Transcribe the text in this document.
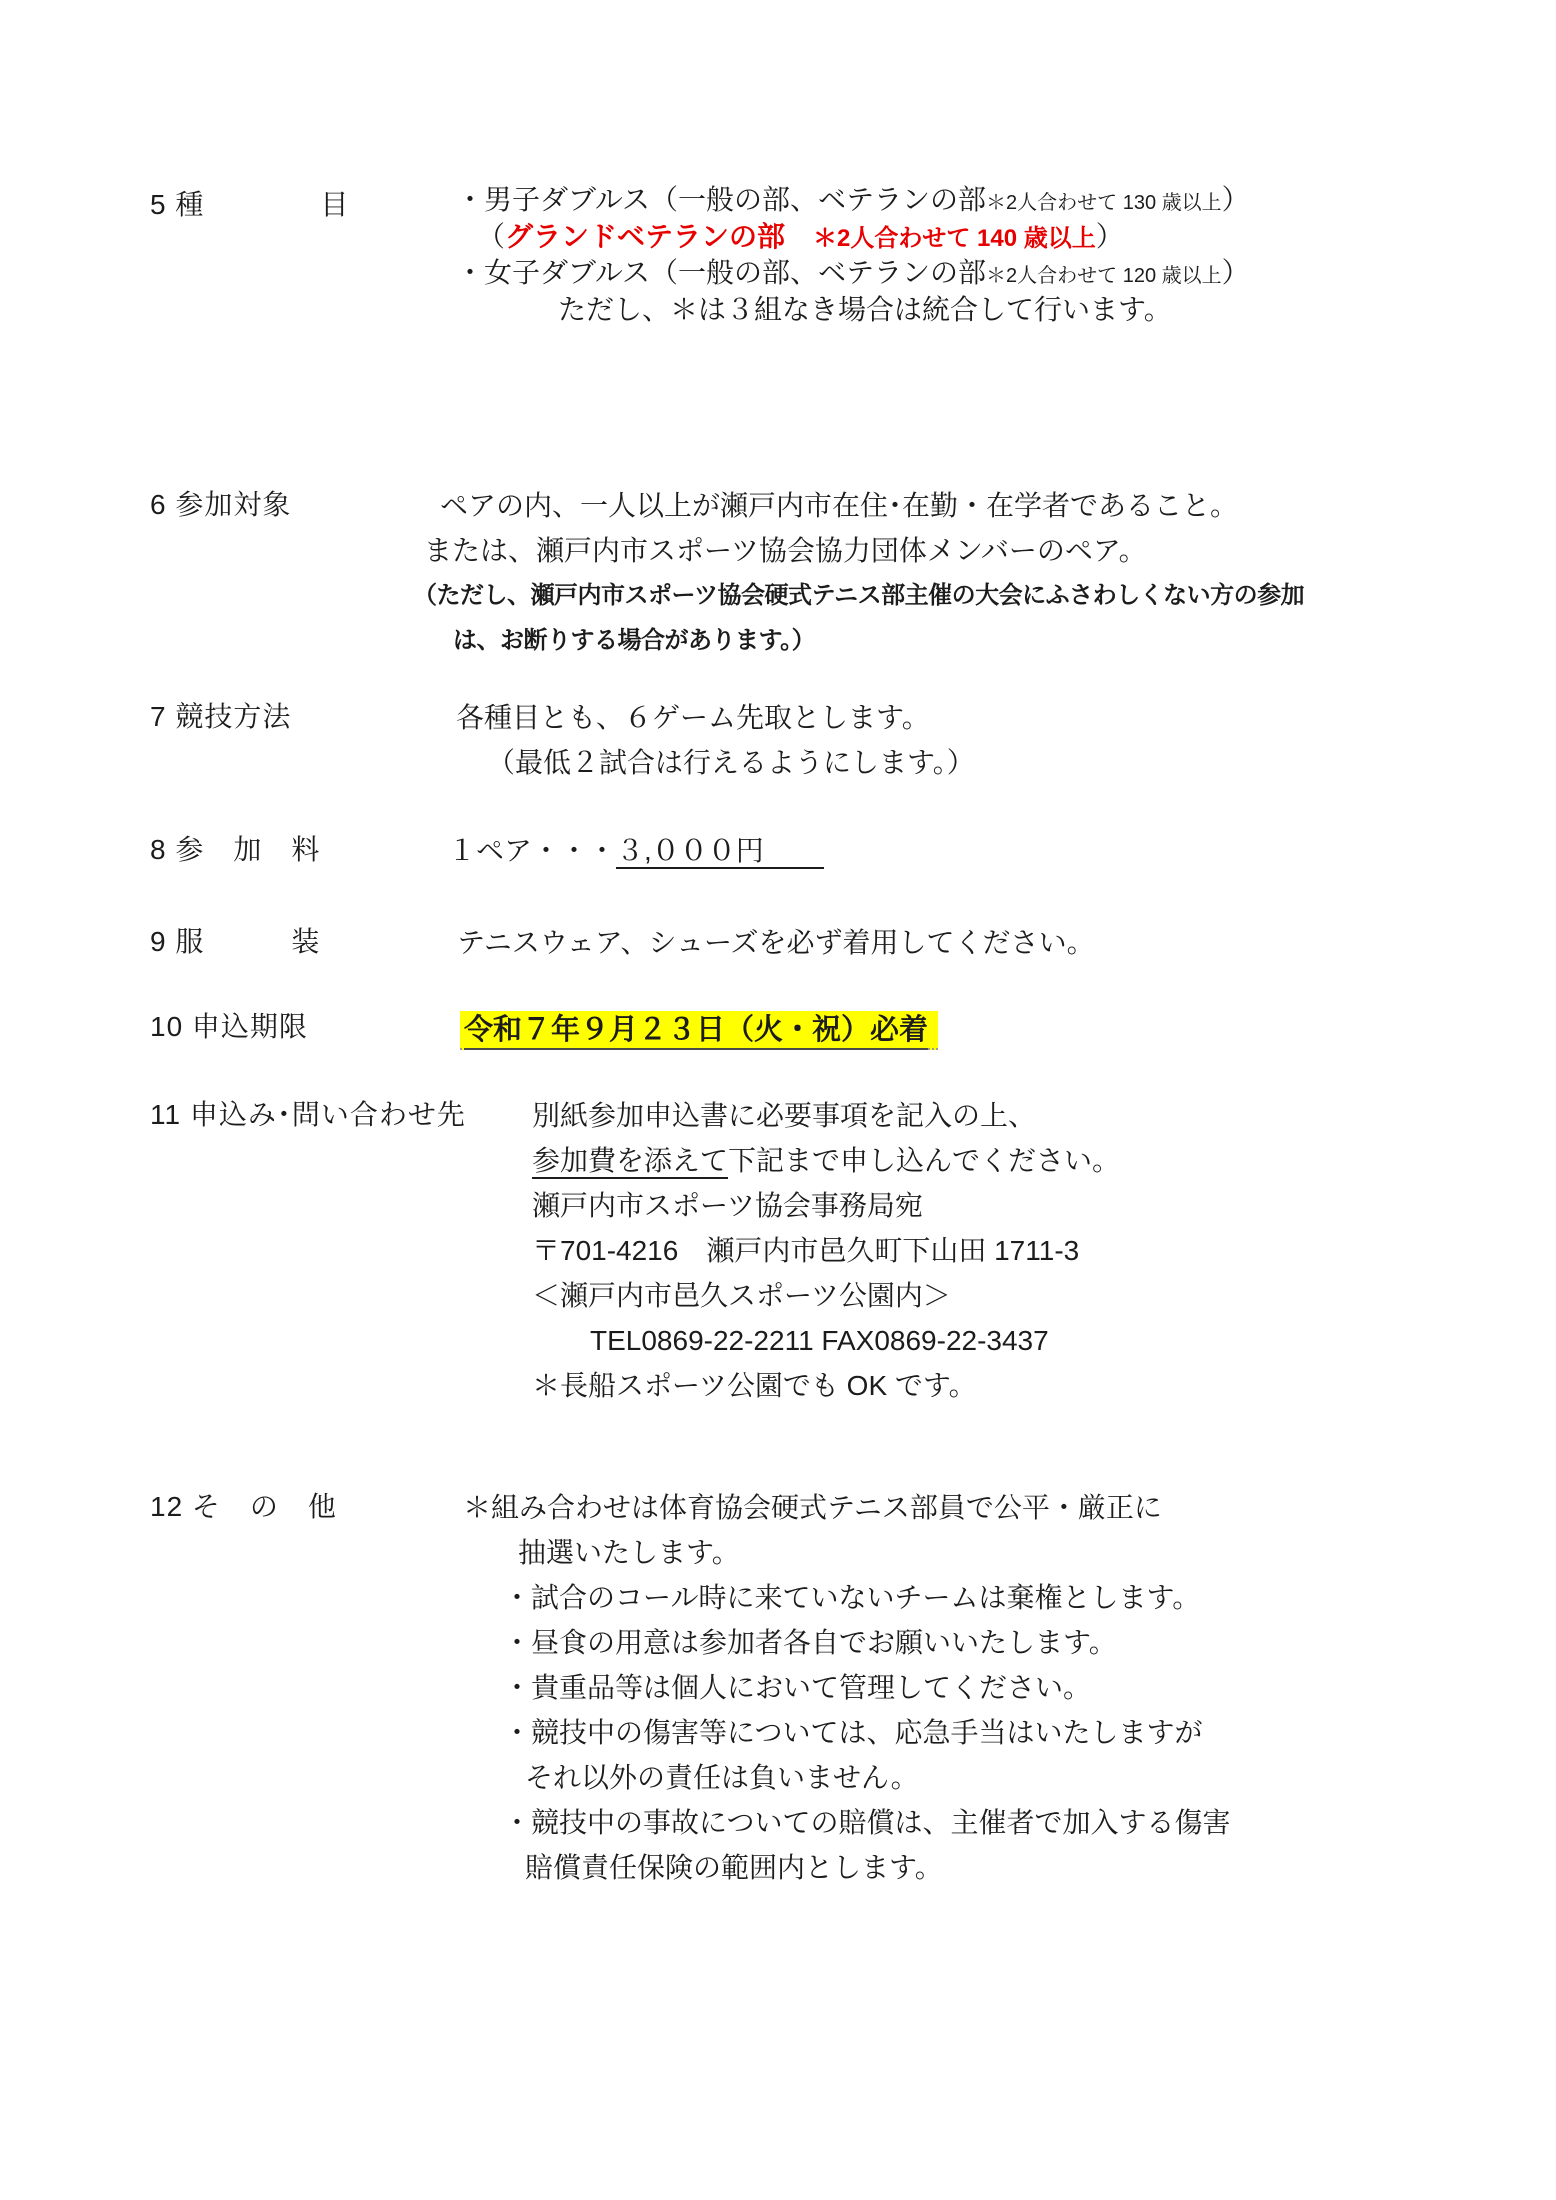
5 種　　　　目	・男子ダブルス（一般の部、ベテランの部＊2人合わせて 130 歳以上）
（グランドベテランの部 ＊2人合わせて 140 歳以上）
・女子ダブルス（一般の部、ベテランの部＊2人合わせて 120 歳以上）
ただし、＊は３組なき場合は統合して行います。
6 参加対象	ペアの内、一人以上が瀬戸内市在住･在勤・在学者であること。
または、瀬戸内市スポーツ協会協力団体メンバーのペア。
（ただし、瀬戸内市スポーツ協会硬式テニス部主催の大会にふさわしくない方の参加
は、お断りする場合があります。）
7 競技方法	各種目とも、６ゲーム先取とします。
（最低２試合は行えるようにします。）
8 参　加　料	１ペア・・・３,０００円
9 服　　　装	テニスウェア、シューズを必ず着用してください。
10 申込期限	令和７年９月２３日（火・祝）必着
11 申込み･問い合わせ先 別紙参加申込書に必要事項を記入の上、
参加費を添えて下記まで申し込んでください。
瀬戸内市スポーツ協会事務局宛
〒701-4216　瀬戸内市邑久町下山田 1711-3
＜瀬戸内市邑久スポーツ公園内＞
TEL0869-22-2211 FAX0869-22-3437
＊長船スポーツ公園でも OK です。
12 そ　の　他	＊組み合わせは体育協会硬式テニス部員で公平・厳正に
抽選いたします。
・試合のコール時に来ていないチームは棄権とします。
・昼食の用意は参加者各自でお願いいたします。
・貴重品等は個人において管理してください。
・競技中の傷害等については、応急手当はいたしますが
それ以外の責任は負いません。
・競技中の事故についての賠償は、主催者で加入する傷害
賠償責任保険の範囲内とします。
